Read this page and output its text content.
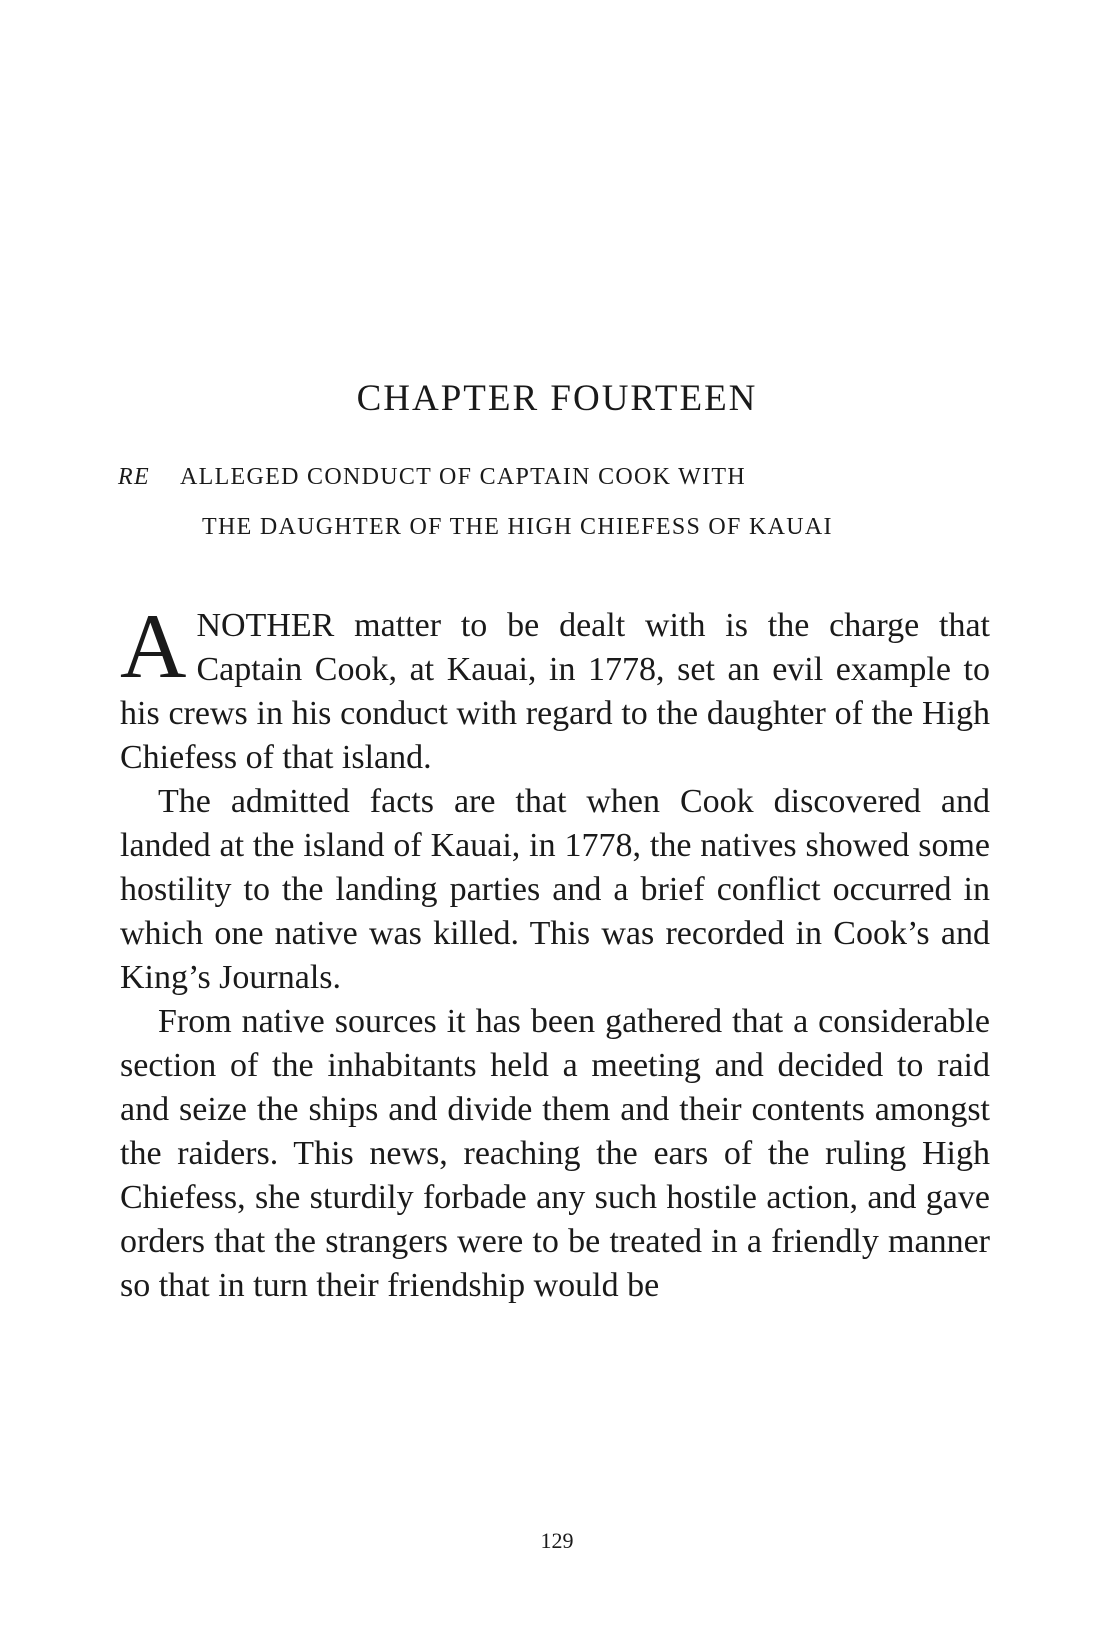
CHAPTER FOURTEEN
RE ALLEGED CONDUCT OF CAPTAIN COOK WITH
THE DAUGHTER OF THE HIGH CHIEFESS OF KAUAI

ANOTHER matter to be dealt with is the charge that Captain Cook, at Kauai, in 1778, set an evil example to his crews in his conduct with regard to the daughter of the High Chiefess of that island.

The admitted facts are that when Cook discovered and landed at the island of Kauai, in 1778, the natives showed some hostility to the landing parties and a brief conflict occurred in which one native was killed. This was recorded in Cook’s and King’s Journals.

From native sources it has been gathered that a considerable section of the inhabitants held a meeting and decided to raid and seize the ships and divide them and their contents amongst the raiders. This news, reaching the ears of the ruling High Chiefess, she sturdily forbade any such hostile action, and gave orders that the strangers were to be treated in a friendly manner so that in turn their friendship would be

129
